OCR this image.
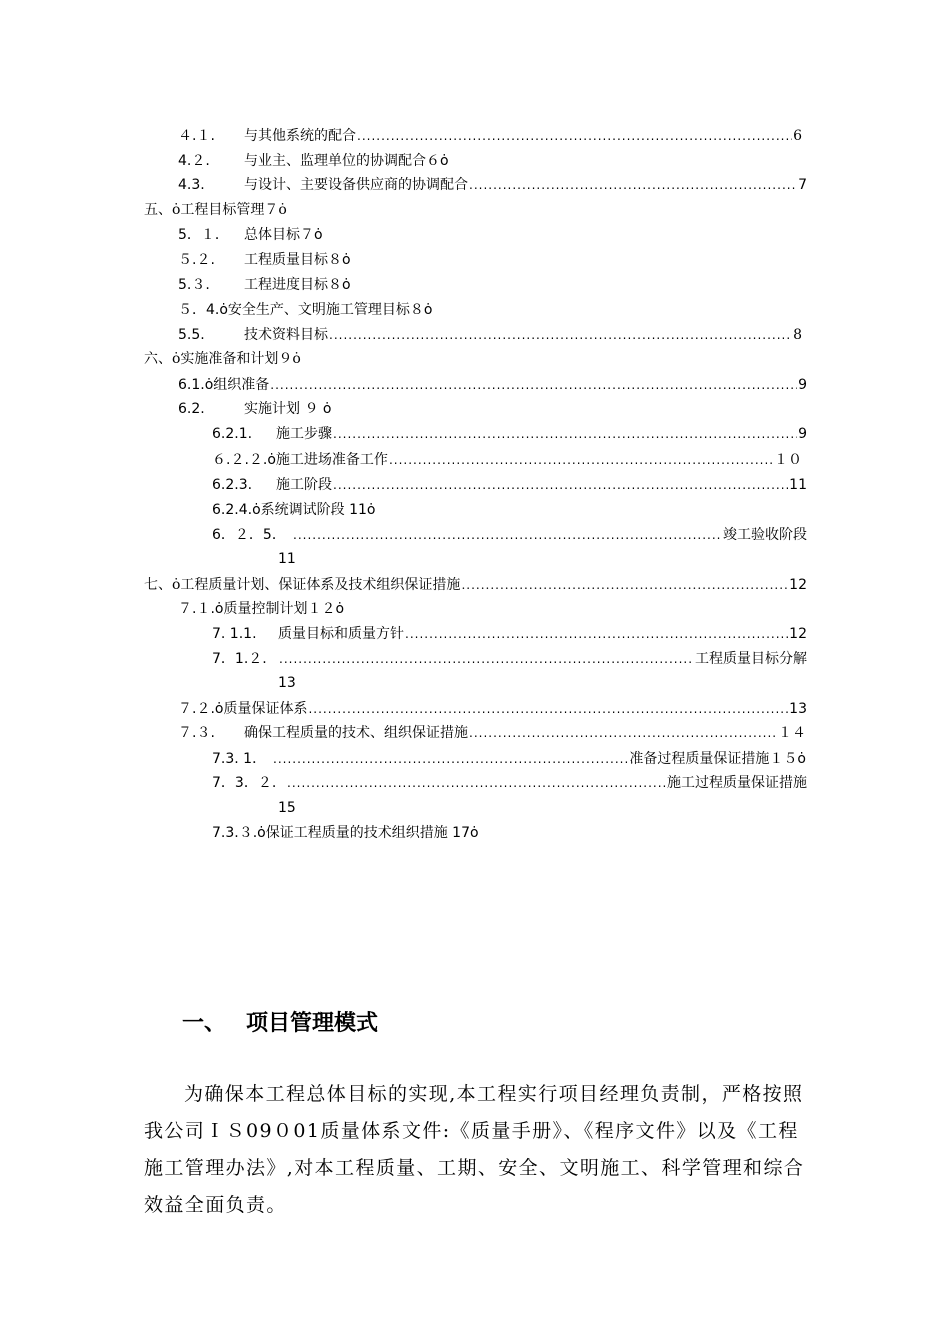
４.１.	与其他系统的配合 .....	6
4.２.	与业主、监理单位的协调配合６ȯ
4.3.	与设计、主要设备供应商的协调配合 .....	7
五、 ȯ工程目标管理７ȯ
5．１．	总体目标７ȯ
５.２.	工程质量目标８ȯ
5.３.	工程进度目标８ȯ
５．4. ȯ安全生产、文明施工管理目标８ȯ
5.5.	技术资料目标 .....	8
六、 ȯ实施准备和计划９ȯ
6.1. ȯ组织准备 .....	9
6.2.	实施计划 ９ ȯ
6.2.1.	施工步骤 .....	9
６.２.２. ȯ施工进场准备工作 .....	１０
6.2.3.	施工阶段 .....	11
6.2.4. ȯ系统调试阶段 11ȯ
6．２．5． .....	竣工验收阶段
11
七、 ȯ工程质量计划、保证体系及技术组织保证措施 .....	12
７.１. ȯ质量控制计划１２ȯ
7. 1.1.	质量目标和质量方针 .....	12
7．1.２. .....	工程质量目标分解
13
７.２. ȯ质量保证体系 .....	13
７.３.	确保工程质量的技术、组织保证措施 .....	１４
7.3. 1． .....	准备过程质量保证措施１５ȯ
7．3．２. .....	施工过程质量保证措施
15
7.3.３. ȯ保证工程质量的技术组织措施 17ȯ
一、 项目管理模式
为确保本工程总体目标的实现,本工程实行项目经理负责制，严格按照我公司ＩＳ09０01质量体系文件:《质量手册》、《程序文件》以及《工程施工管理办法》,对本工程质量、工期、安全、文明施工、科学管理和综合效益全面负责。
